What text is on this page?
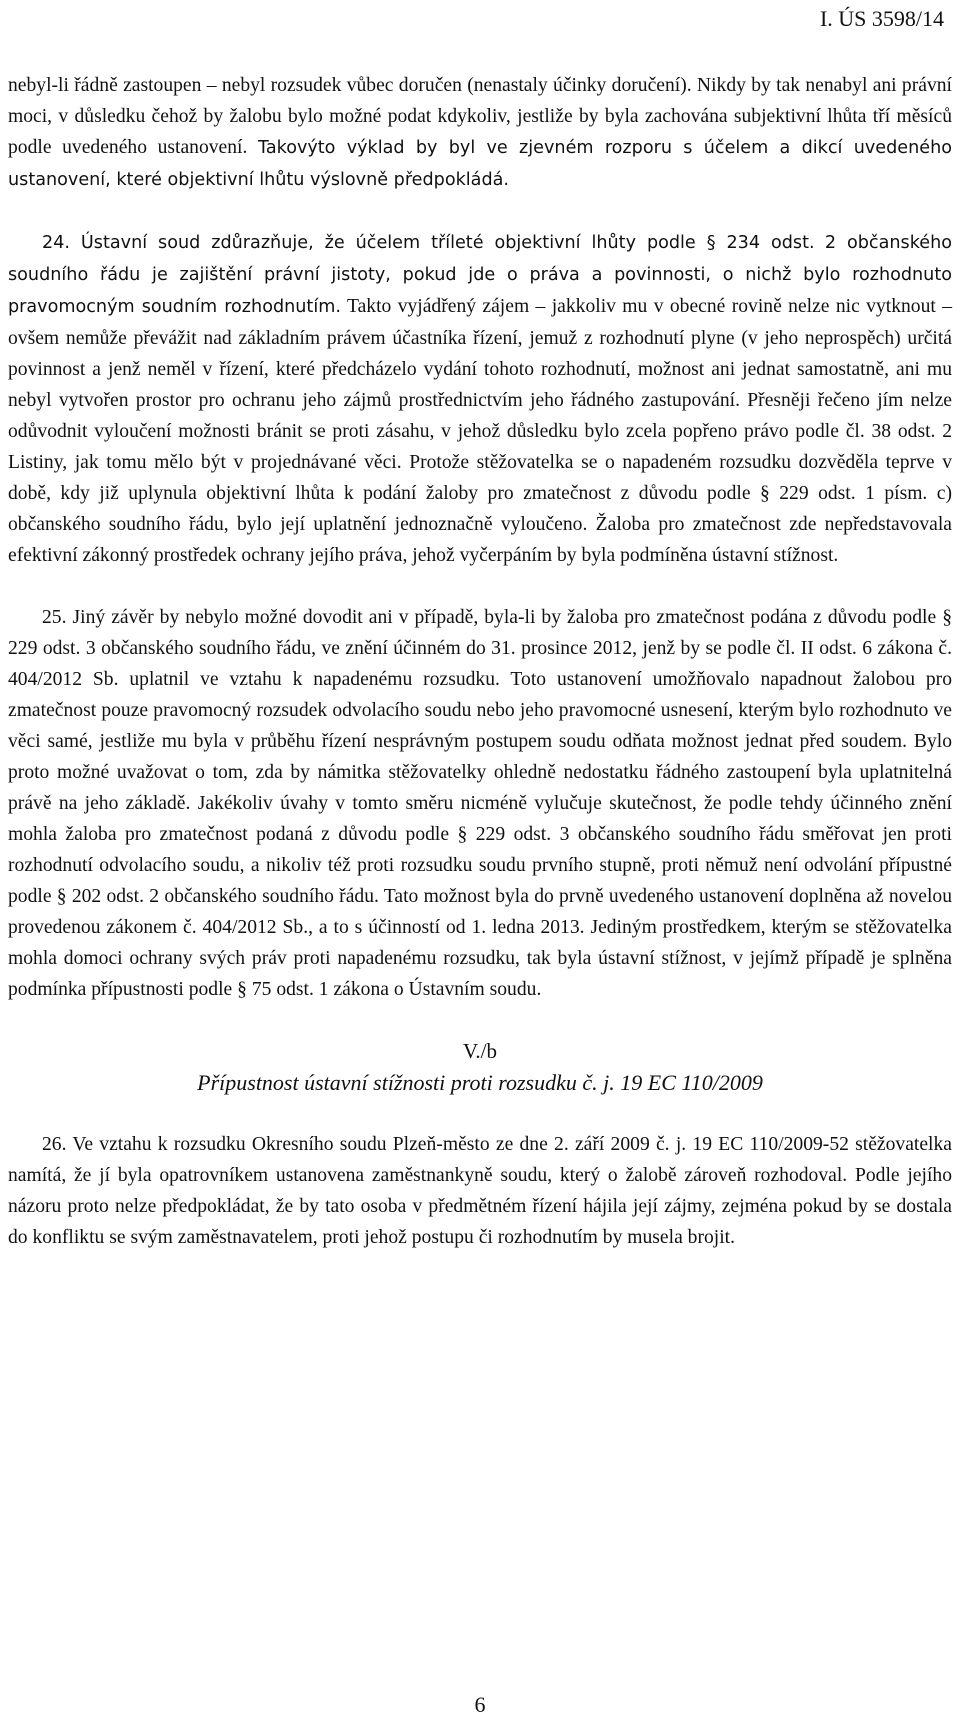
I. ÚS 3598/14

nebyl-li řádně zastoupen – nebyl rozsudek vůbec doručen (nenastaly účinky doručení). Nikdy by tak nenabyl ani právní moci, v důsledku čehož by žalobu bylo možné podat kdykoliv, jestliže by byla zachována subjektivní lhůta tří měsíců podle uvedeného ustanovení. Takovýto výklad by byl ve zjevném rozporu s účelem a dikcí uvedeného ustanovení, které objektivní lhůtu výslovně předpokládá.

24. Ústavní soud zdůrazňuje, že účelem tříleté objektivní lhůty podle § 234 odst. 2 občanského soudního řádu je zajištění právní jistoty, pokud jde o práva a povinnosti, o nichž bylo rozhodnuto pravomocným soudním rozhodnutím. Takto vyjádřený zájem – jakkoliv mu v obecné rovině nelze nic vytknout – ovšem nemůže převážit nad základním právem účastníka řízení, jemuž z rozhodnutí plyne (v jeho neprospěch) určitá povinnost a jenž neměl v řízení, které předcházelo vydání tohoto rozhodnutí, možnost ani jednat samostatně, ani mu nebyl vytvořen prostor pro ochranu jeho zájmů prostřednictvím jeho řádného zastupování. Přesněji řečeno jím nelze odůvodnit vyloučení možnosti bránit se proti zásahu, v jehož důsledku bylo zcela popřeno právo podle čl. 38 odst. 2 Listiny, jak tomu mělo být v projednávané věci. Protože stěžovatelka se o napadeném rozsudku dozvěděla teprve v době, kdy již uplynula objektivní lhůta k podání žaloby pro zmatečnost z důvodu podle § 229 odst. 1 písm. c) občanského soudního řádu, bylo její uplatnění jednoznačně vyloučeno. Žaloba pro zmatečnost zde nepředstavovala efektivní zákonný prostředek ochrany jejího práva, jehož vyčerpáním by byla podmíněna ústavní stížnost.

25. Jiný závěr by nebylo možné dovodit ani v případě, byla-li by žaloba pro zmatečnost podána z důvodu podle § 229 odst. 3 občanského soudního řádu, ve znění účinném do 31. prosince 2012, jenž by se podle čl. II odst. 6 zákona č. 404/2012 Sb. uplatnil ve vztahu k napadenému rozsudku. Toto ustanovení umožňovalo napadnout žalobou pro zmatečnost pouze pravomocný rozsudek odvolacího soudu nebo jeho pravomocné usnesení, kterým bylo rozhodnuto ve věci samé, jestliže mu byla v průběhu řízení nesprávným postupem soudu odňata možnost jednat před soudem. Bylo proto možné uvažovat o tom, zda by námitka stěžovatelky ohledně nedostatku řádného zastoupení byla uplatnitelná právě na jeho základě. Jakékoliv úvahy v tomto směru nicméně vylučuje skutečnost, že podle tehdy účinného znění mohla žaloba pro zmatečnost podaná z důvodu podle § 229 odst. 3 občanského soudního řádu směřovat jen proti rozhodnutí odvolacího soudu, a nikoliv též proti rozsudku soudu prvního stupně, proti němuž není odvolání přípustné podle § 202 odst. 2 občanského soudního řádu. Tato možnost byla do prvně uvedeného ustanovení doplněna až novelou provedenou zákonem č. 404/2012 Sb., a to s účinností od 1. ledna 2013. Jediným prostředkem, kterým se stěžovatelka mohla domoci ochrany svých práv proti napadenému rozsudku, tak byla ústavní stížnost, v jejímž případě je splněna podmínka přípustnosti podle § 75 odst. 1 zákona o Ústavním soudu.

V./b
Přípustnost ústavní stížnosti proti rozsudku č. j. 19 EC 110/2009

26. Ve vztahu k rozsudku Okresního soudu Plzeň-město ze dne 2. září 2009 č. j. 19 EC 110/2009-52 stěžovatelka namítá, že jí byla opatrovníkem ustanovena zaměstnankyně soudu, který o žalobě zároveň rozhodoval. Podle jejího názoru proto nelze předpokládat, že by tato osoba v předmětném řízení hájila její zájmy, zejména pokud by se dostala do konfliktu se svým zaměstnavatelem, proti jehož postupu či rozhodnutím by musela brojit.

6
